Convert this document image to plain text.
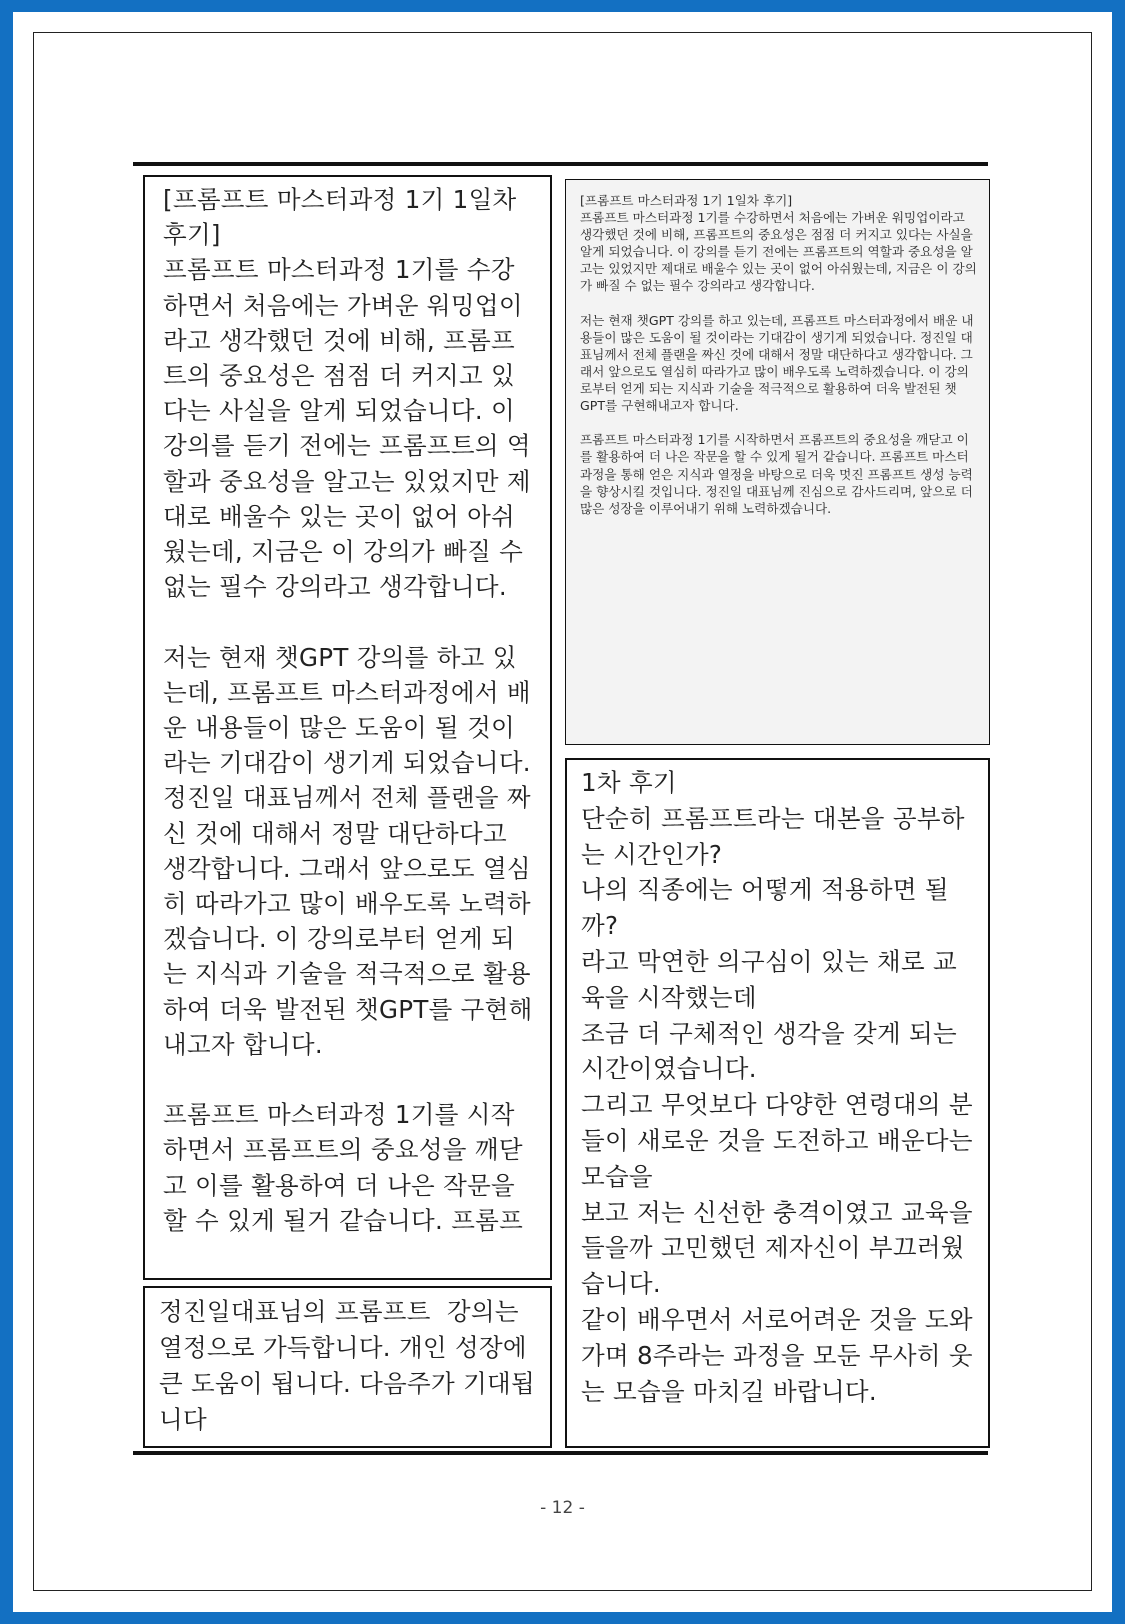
[프롬프트 마스터과정 1기 1일차 후기]
프롬프트 마스터과정 1기를 수강하면서 처음에는 가벼운 워밍업이라고 생각했던 것에 비해, 프롬프트의 중요성은 점점 더 커지고 있다는 사실을 알게 되었습니다. 이 강의를 듣기 전에는 프롬프트의 역할과 중요성을 알고는 있었지만 제대로 배울수 있는 곳이 없어 아쉬웠는데, 지금은 이 강의가 빠질 수 없는 필수 강의라고 생각합니다.

저는 현재 챗GPT 강의를 하고 있는데, 프롬프트 마스터과정에서 배운 내용들이 많은 도움이 될 것이라는 기대감이 생기게 되었습니다. 정진일 대표님께서 전체 플랜을 짜신 것에 대해서 정말 대단하다고 생각합니다. 그래서 앞으로도 열심히 따라가고 많이 배우도록 노력하겠습니다. 이 강의로부터 얻게 되는 지식과 기술을 적극적으로 활용하여 더욱 발전된 챗GPT를 구현해내고자 합니다.

프롬프트 마스터과정 1기를 시작하면서 프롬프트의 중요성을 깨닫고 이를 활용하여 더 나은 작문을 할 수 있게 될거 같습니다. 프롬프

[프롬프트 마스터과정 1기 1일차 후기]
프롬프트 마스터과정 1기를 수강하면서 처음에는 가벼운 워밍업이라고 생각했던 것에 비해, 프롬프트의 중요성은 점점 더 커지고 있다는 사실을 알게 되었습니다. 이 강의를 듣기 전에는 프롬프트의 역할과 중요성을 알고는 있었지만 제대로 배울수 있는 곳이 없어 아쉬웠는데, 지금은 이 강의가 빠질 수 없는 필수 강의라고 생각합니다.

저는 현재 챗GPT 강의를 하고 있는데, 프롬프트 마스터과정에서 배운 내용들이 많은 도움이 될 것이라는 기대감이 생기게 되었습니다. 정진일 대표님께서 전체 플랜을 짜신 것에 대해서 정말 대단하다고 생각합니다. 그래서 앞으로도 열심히 따라가고 많이 배우도록 노력하겠습니다. 이 강의로부터 얻게 되는 지식과 기술을 적극적으로 활용하여 더욱 발전된 챗GPT를 구현해내고자 합니다.

프롬프트 마스터과정 1기를 시작하면서 프롬프트의 중요성을 깨닫고 이를 활용하여 더 나은 작문을 할 수 있게 될거 같습니다. 프롬프트 마스터과정을 통해 얻은 지식과 열정을 바탕으로 더욱 멋진 프롬프트 생성 능력을 향상시킬 것입니다. 정진일 대표님께 진심으로 감사드리며, 앞으로 더 많은 성장을 이루어내기 위해 노력하겠습니다.

1차 후기
단순히 프롬프트라는 대본을 공부하는 시간인가?
나의 직종에는 어떻게 적용하면 될까?
라고 막연한 의구심이 있는 채로 교육을 시작했는데
조금 더 구체적인 생각을 갖게 되는 시간이였습니다.
그리고 무엇보다 다양한 연령대의 분들이 새로운 것을 도전하고 배운다는 모습을
보고 저는 신선한 충격이였고 교육을 들을까 고민했던 제자신이 부끄러웠습니다.
같이 배우면서 서로어려운 것을 도와가며 8주라는 과정을 모둔 무사히 웃는 모습을 마치길 바랍니다.

정진일대표님의 프롬프트  강의는 열정으로 가득합니다. 개인 성장에 큰 도움이 됩니다. 다음주가 기대됩니다

- 12 -
